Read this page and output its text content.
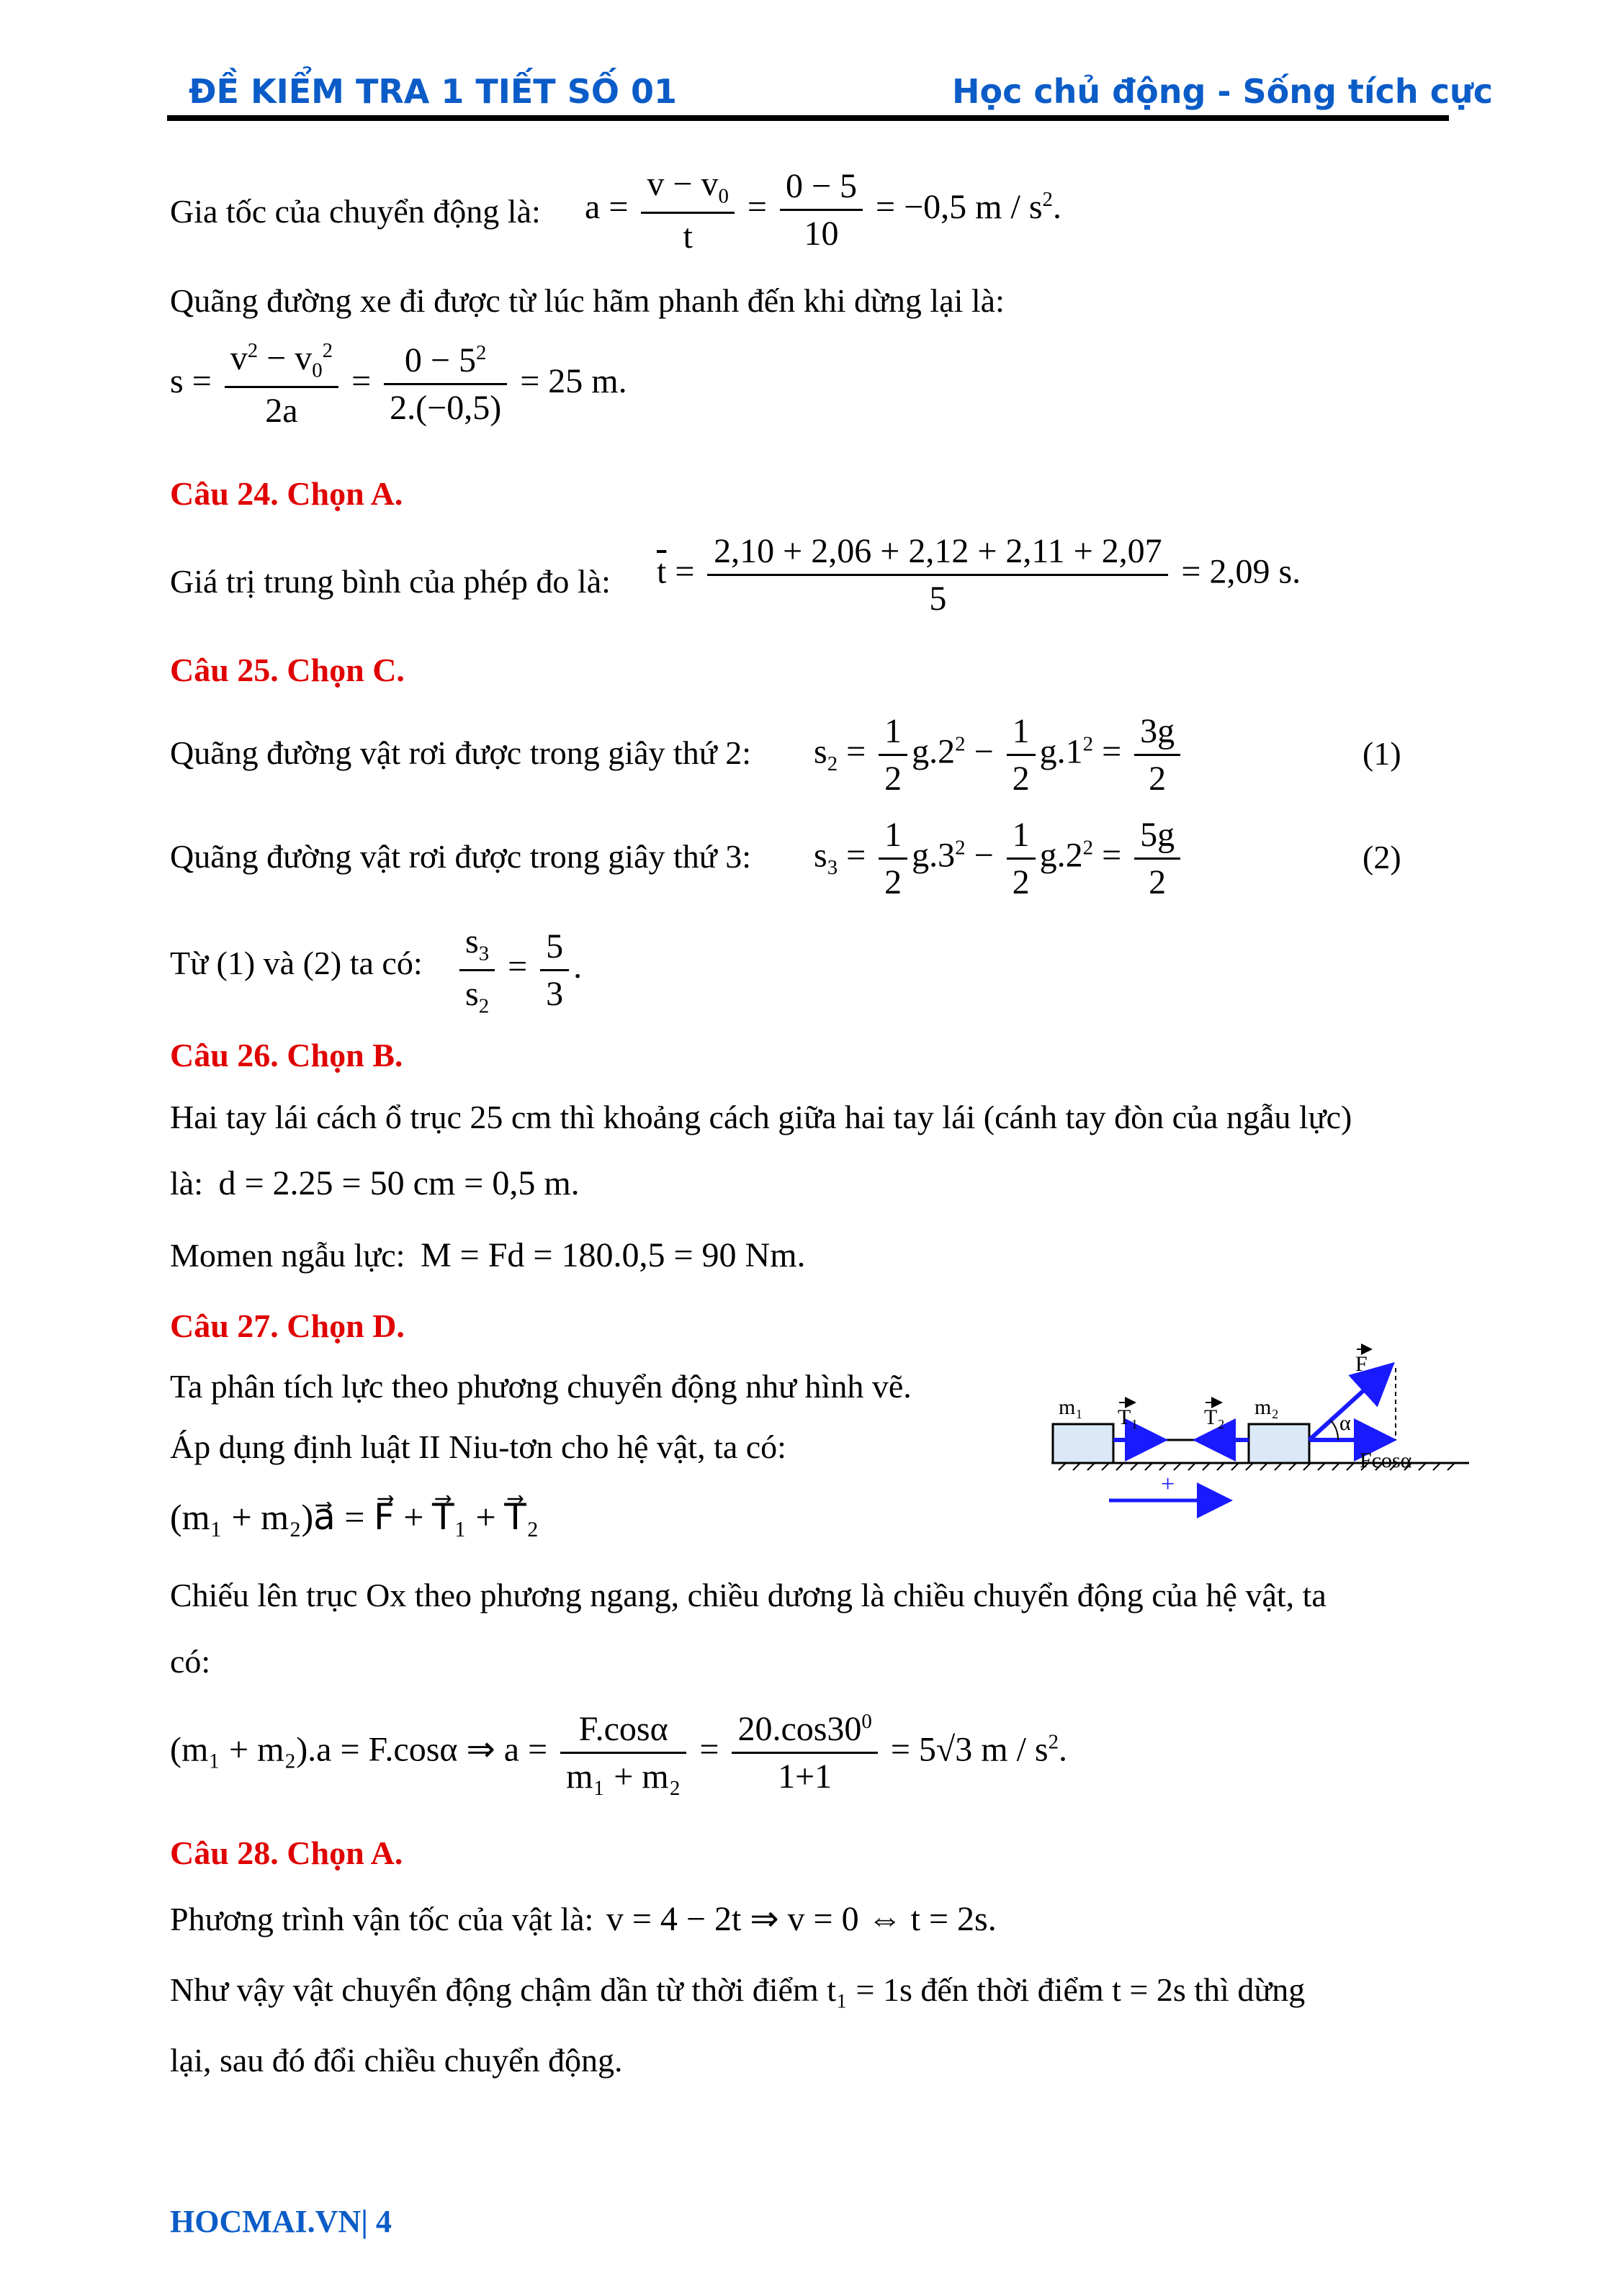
ĐỀ KIỂM TRA 1 TIẾT SỐ 01	Học chủ động - Sống tích cực
Gia tốc của chuyển động là: $a = \frac{v - v_0}{t} = \frac{0 - 5}{10} = -0,5$ m / $s^2$.
Quãng đường xe đi được từ lúc hãm phanh đến khi dừng lại là:
$s = \frac{v^2 - v_0^2}{2a} = \frac{0 - 5^2}{2.(-0,5)} = 25$ m.
Câu 24. Chọn A.
Giá trị trung bình của phép đo là: $\overline{t} = \frac{2,10 + 2,06 + 2,12 + 2,11 + 2,07}{5} = 2,09$ s.
Câu 25. Chọn C.
Quãng đường vật rơi được trong giây thứ 2: $s_2 = \frac{1}{2} g.2^2 - \frac{1}{2} g.1^2 = \frac{3g}{2}$	(1)
Quãng đường vật rơi được trong giây thứ 3: $s_3 = \frac{1}{2} g.3^2 - \frac{1}{2} g.2^2 = \frac{5g}{2}$	(2)
Từ (1) và (2) ta có: $\frac{s_3}{s_2} = \frac{5}{3}$ .
Câu 26. Chọn B.
Hai tay lái cách ổ trục 25 cm thì khoảng cách giữa hai tay lái (cánh tay đòn của ngẫu lực)
là: d = 2.25 = 50 cm = 0,5 m.
Momen ngẫu lực: M = Fd = 180.0,5 = 90 Nm.
Câu 27. Chọn D.
Ta phân tích lực theo phương chuyển động như hình vẽ.
Áp dụng định luật II Niu-tơn cho hệ vật, ta có:
(m₁ + m₂)a⃗ = F⃗ + T⃗₁ + T⃗₂
Chiếu lên trục Ox theo phương ngang, chiều dương là chiều chuyển động của hệ vật, ta
có:
(m₁ + m₂).a = F.cosα ⇒ $a = \frac{F.\cos\alpha}{\text{m₁ + m₂}} = \frac{20.\cos 30^0}{1+1} = 5√3$ m / $s^2$.
m₁	m₂
T₁	T₂
F
α
Fcosα
+
Câu 28. Chọn A.
Phương trình vận tốc của vật là: v = 4 − 2t ⇒ v = 0 ⇔ t = 2s.
Như vậy vật chuyển động chậm dần từ thời điểm t₁ = 1s đến thời điểm t = 2s thì dừng
lại, sau đó đổi chiều chuyển động.
HOCMAI.VN| 4
